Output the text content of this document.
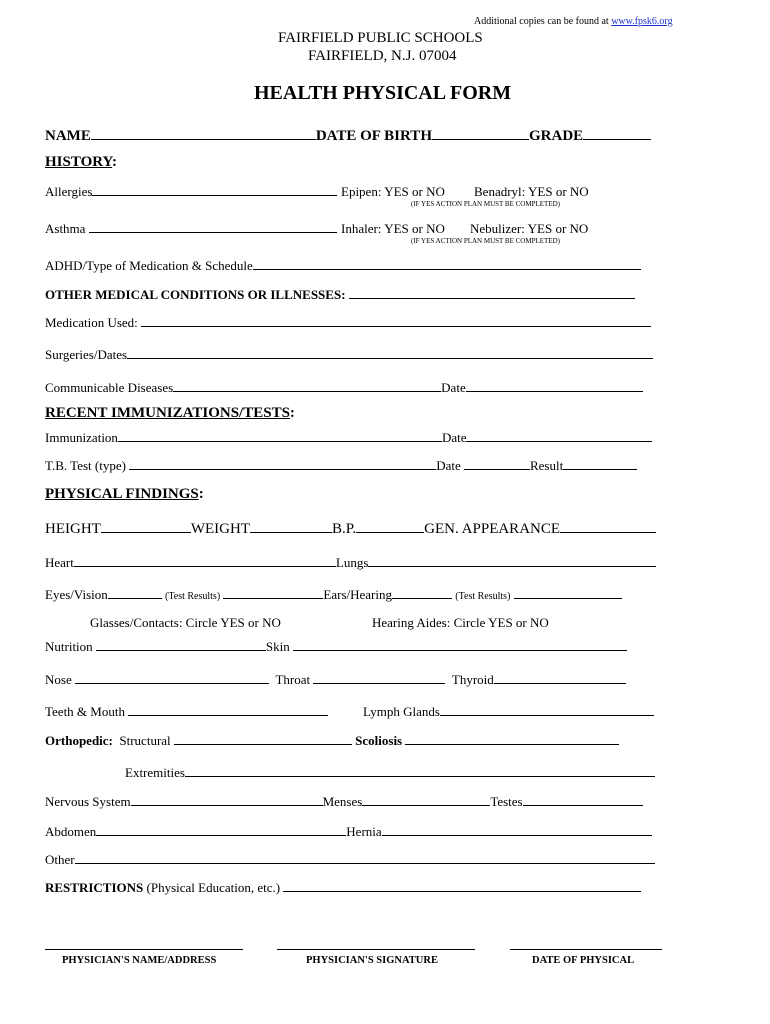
Additional copies can be found at www.fpsk6.org
FAIRFIELD PUBLIC SCHOOLS
FAIRFIELD, N.J. 07004
HEALTH PHYSICAL FORM
NAME	DATE OF BIRTH	GRADE
HISTORY:
Allergies	Epipen: YES or NO Benadryl: YES or NO
(IF YES ACTION PLAN MUST BE COMPLETED)
Asthma	Inhaler: YES or NO Nebulizer: YES or NO
(IF YES ACTION PLAN MUST BE COMPLETED)
ADHD/Type of Medication & Schedule
OTHER MEDICAL CONDITIONS OR ILLNESSES:
Medication Used:
Surgeries/Dates
Communicable Diseases	Date
RECENT IMMUNIZATIONS/TESTS:
Immunization	Date
T.B. Test (type)	Date	Result
PHYSICAL FINDINGS:
HEIGHT	WEIGHT	B.P.	GEN. APPEARANCE
Heart	Lungs
Eyes/Vision	(Test Results)	Ears/Hearing	(Test Results)
Glasses/Contacts: Circle YES or NO	Hearing Aides: Circle YES or NO
Nutrition	Skin
Nose	Throat	Thyroid
Teeth & Mouth	Lymph Glands
Orthopedic: Structural	Scoliosis
Extremities
Nervous System	Menses	Testes
Abdomen	Hernia
Other
RESTRICTIONS (Physical Education, etc.)
PHYSICIAN'S NAME/ADDRESS	PHYSICIAN'S SIGNATURE	DATE OF PHYSICAL
